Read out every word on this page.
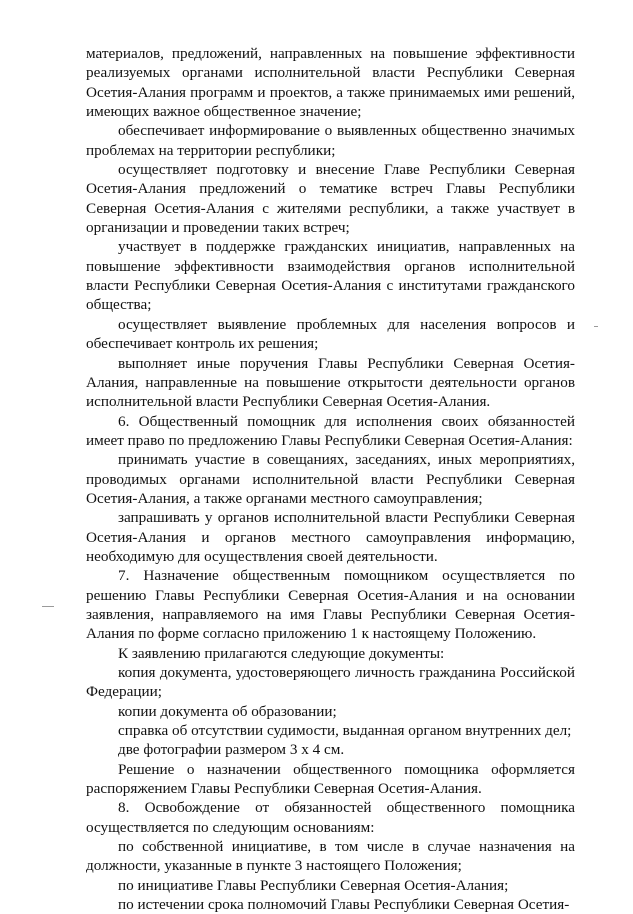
материалов, предложений, направленных на повышение эффективности реализуемых органами исполнительной власти Республики Северная Осетия-Алания программ и проектов, а также принимаемых ими решений, имеющих важное общественное значение;

обеспечивает информирование о выявленных общественно значимых проблемах на территории республики;

осуществляет подготовку и внесение Главе Республики Северная Осетия-Алания предложений о тематике встреч Главы Республики Северная Осетия-Алания с жителями республики, а также участвует в организации и проведении таких встреч;

участвует в поддержке гражданских инициатив, направленных на повышение эффективности взаимодействия органов исполнительной власти Республики Северная Осетия-Алания с институтами гражданского общества;

осуществляет выявление проблемных для населения вопросов и обеспечивает контроль их решения;

выполняет иные поручения Главы Республики Северная Осетия-Алания, направленные на повышение открытости деятельности органов исполнительной власти Республики Северная Осетия-Алания.

6. Общественный помощник для исполнения своих обязанностей имеет право по предложению Главы Республики Северная Осетия-Алания:

принимать участие в совещаниях, заседаниях, иных мероприятиях, проводимых органами исполнительной власти Республики Северная Осетия-Алания, а также органами местного самоуправления;

запрашивать у органов исполнительной власти Республики Северная Осетия-Алания и органов местного самоуправления информацию, необходимую для осуществления своей деятельности.

7. Назначение общественным помощником осуществляется по решению Главы Республики Северная Осетия-Алания и на основании заявления, направляемого на имя Главы Республики Северная Осетия-Алания по форме согласно приложению 1 к настоящему Положению.

К заявлению прилагаются следующие документы:

копия документа, удостоверяющего личность гражданина Российской Федерации;

копии документа об образовании;

справка об отсутствии судимости, выданная органом внутренних дел;

две фотографии размером 3 х 4 см.

Решение о назначении общественного помощника оформляется распоряжением Главы Республики Северная Осетия-Алания.

8. Освобождение от обязанностей общественного помощника осуществляется по следующим основаниям:

по собственной инициативе, в том числе в случае назначения на должности, указанные в пункте 3 настоящего Положения;

по инициативе Главы Республики Северная Осетия-Алания;

по истечении срока полномочий Главы Республики Северная Осетия-
